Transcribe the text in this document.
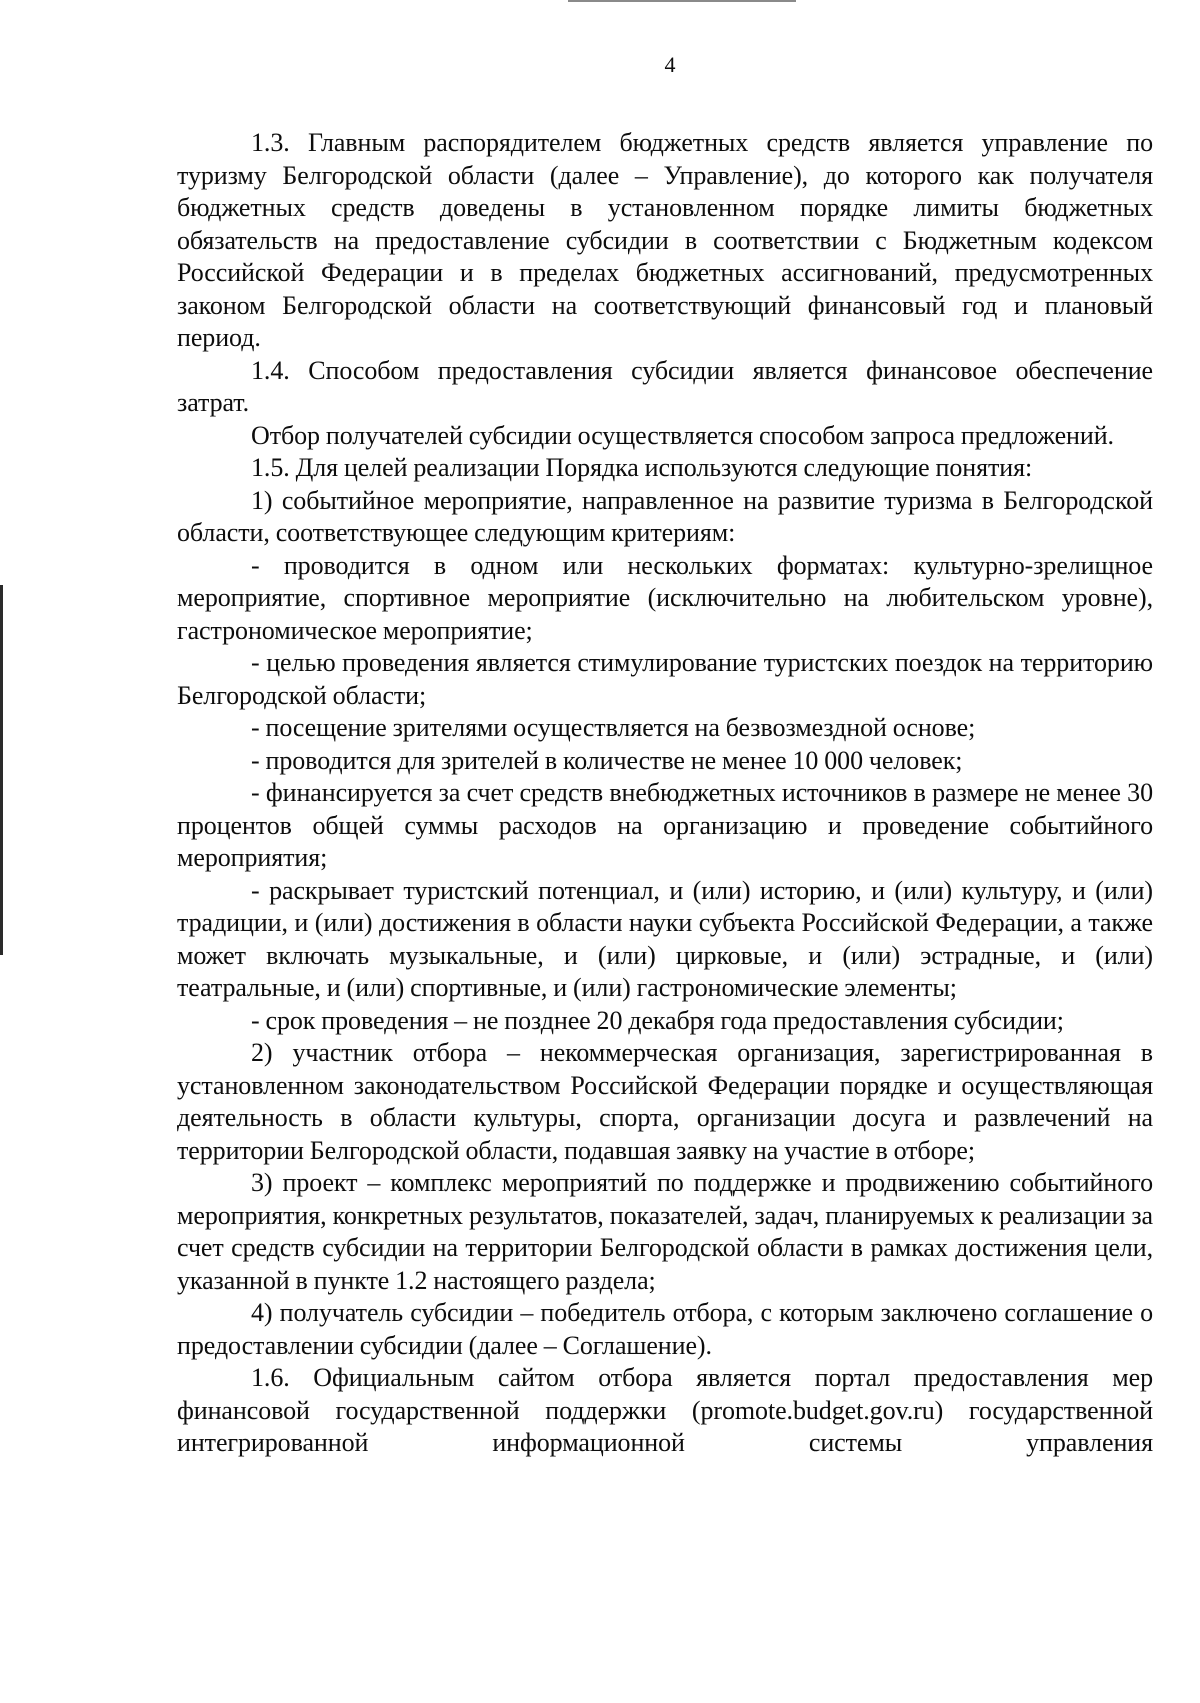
4

1.3. Главным распорядителем бюджетных средств является управление по туризму Белгородской области (далее – Управление), до которого как получателя бюджетных средств доведены в установленном порядке лимиты бюджетных обязательств на предоставление субсидии в соответствии с Бюджетным кодексом Российской Федерации и в пределах бюджетных ассигнований, предусмотренных законом Белгородской области на соответствующий финансовый год и плановый период.

1.4. Способом предоставления субсидии является финансовое обеспечение затрат.

Отбор получателей субсидии осуществляется способом запроса предложений.

1.5. Для целей реализации Порядка используются следующие понятия:

1) событийное мероприятие, направленное на развитие туризма в Белгородской области, соответствующее следующим критериям:

- проводится в одном или нескольких форматах: культурно-зрелищное мероприятие, спортивное мероприятие (исключительно на любительском уровне), гастрономическое мероприятие;

- целью проведения является стимулирование туристских поездок на территорию Белгородской области;

- посещение зрителями осуществляется на безвозмездной основе;

- проводится для зрителей в количестве не менее 10 000 человек;

- финансируется за счет средств внебюджетных источников в размере не менее 30 процентов общей суммы расходов на организацию и проведение событийного мероприятия;

- раскрывает туристский потенциал, и (или) историю, и (или) культуру, и (или) традиции, и (или) достижения в области науки субъекта Российской Федерации, а также может включать музыкальные, и (или) цирковые, и (или) эстрадные, и (или) театральные, и (или) спортивные, и (или) гастрономические элементы;

- срок проведения – не позднее 20 декабря года предоставления субсидии;

2) участник отбора – некоммерческая организация, зарегистрированная в установленном законодательством Российской Федерации порядке и осуществляющая деятельность в области культуры, спорта, организации досуга и развлечений на территории Белгородской области, подавшая заявку на участие в отборе;

3) проект – комплекс мероприятий по поддержке и продвижению событийного мероприятия, конкретных результатов, показателей, задач, планируемых к реализации за счет средств субсидии на территории Белгородской области в рамках достижения цели, указанной в пункте 1.2 настоящего раздела;

4) получатель субсидии – победитель отбора, с которым заключено соглашение о предоставлении субсидии (далее – Соглашение).

1.6. Официальным сайтом отбора является портал предоставления мер финансовой государственной поддержки (promote.budget.gov.ru) государственной интегрированной информационной системы управления
